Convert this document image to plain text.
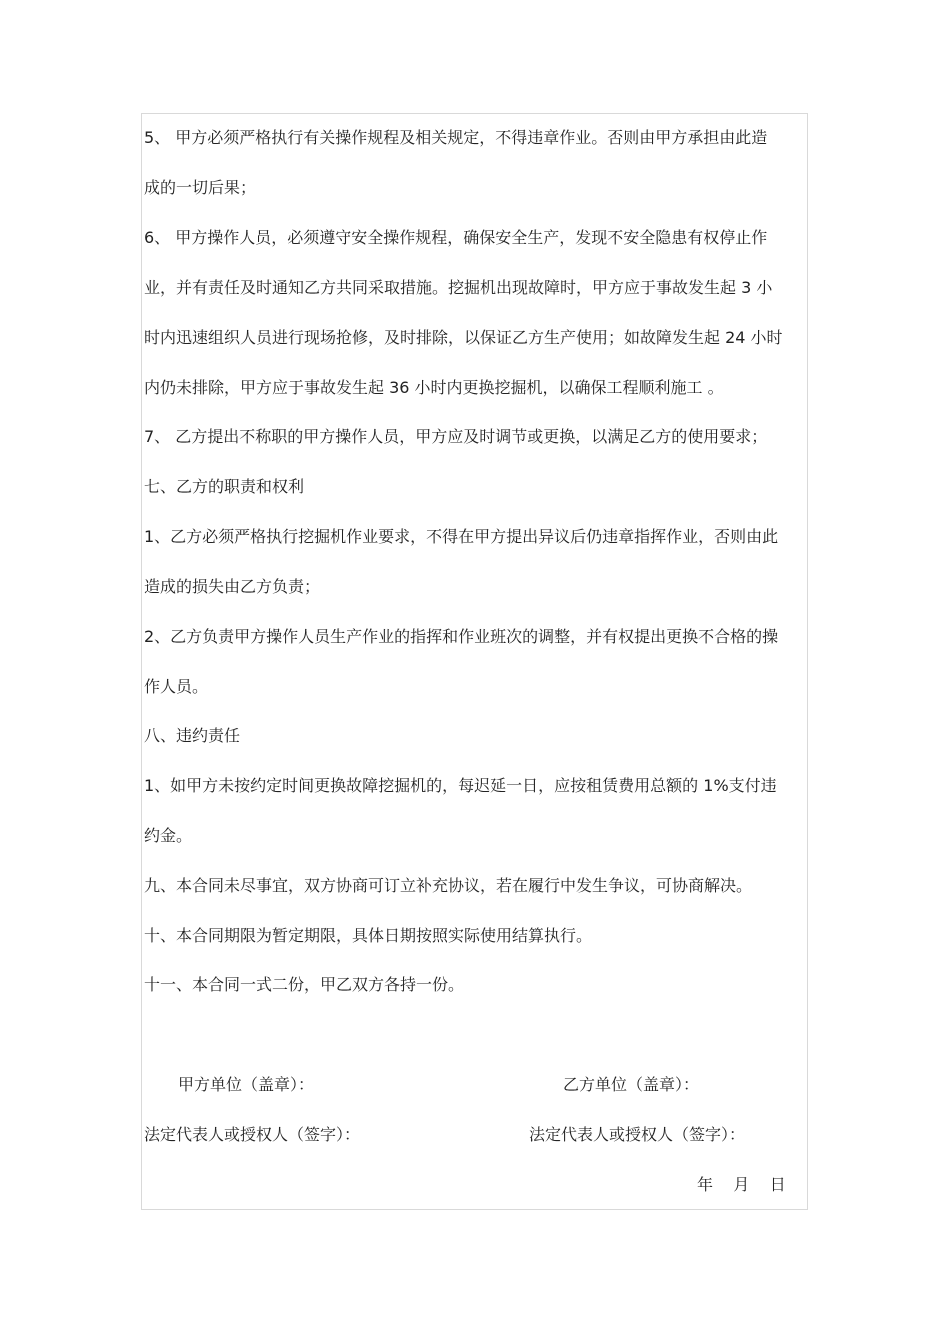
5、 甲方必须严格执行有关操作规程及相关规定，不得违章作业。否则由甲方承担由此造
成的一切后果；
6、 甲方操作人员，必须遵守安全操作规程，确保安全生产，发现不安全隐患有权停止作
业，并有责任及时通知乙方共同采取措施。挖掘机出现故障时，甲方应于事故发生起 3 小
时内迅速组织人员进行现场抢修，及时排除，以保证乙方生产使用；如故障发生起 24 小时
内仍未排除，甲方应于事故发生起 36 小时内更换挖掘机，以确保工程顺利施工 。
7、 乙方提出不称职的甲方操作人员，甲方应及时调节或更换，以满足乙方的使用要求；
七、乙方的职责和权利
1、乙方必须严格执行挖掘机作业要求，不得在甲方提出异议后仍违章指挥作业，否则由此
造成的损失由乙方负责；
2、乙方负责甲方操作人员生产作业的指挥和作业班次的调整，并有权提出更换不合格的操
作人员。
八、违约责任
1、如甲方未按约定时间更换故障挖掘机的，每迟延一日，应按租赁费用总额的 1%支付违
约金。
九、本合同未尽事宜，双方协商可订立补充协议，若在履行中发生争议，可协商解决。
十、本合同期限为暂定期限，具体日期按照实际使用结算执行。
十一、本合同一式二份，甲乙双方各持一份。
甲方单位（盖章）：	乙方单位（盖章）：
法定代表人或授权人（签字）：	法定代表人或授权人（签字）：
年    月    日
